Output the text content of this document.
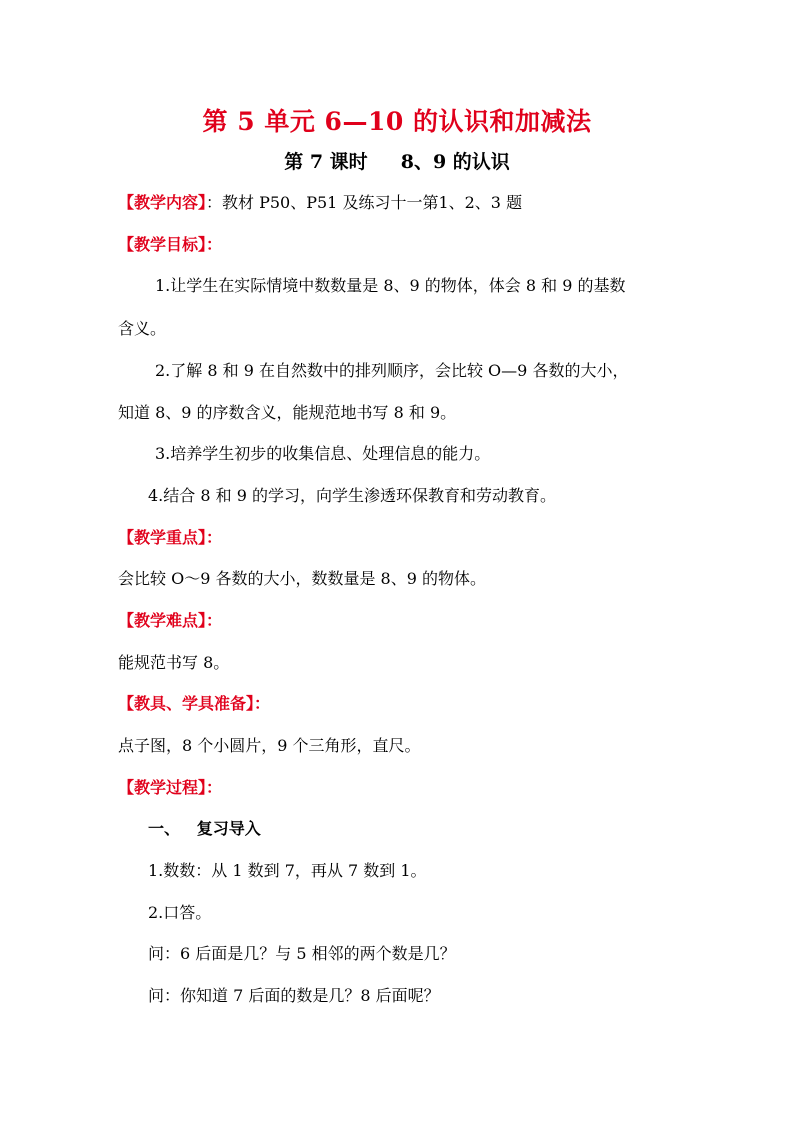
第 5 单元 6—10 的认识和加减法
第 7 课时     8、9 的认识
【教学内容】：教材 P50、P51 及练习十一第1、2、3 题
【教学目标】：
1.让学生在实际情境中数数量是 8、9 的物体，体会 8 和 9 的基数
含义。
2.了解 8 和 9 在自然数中的排列顺序，会比较 O—9 各数的大小，
知道 8、9 的序数含义，能规范地书写 8 和 9。
3.培养学生初步的收集信息、处理信息的能力。
4.结合 8 和 9 的学习，向学生渗透环保教育和劳动教育。
【教学重点】：
会比较 O～9 各数的大小，数数量是 8、9 的物体。
【教学难点】：
能规范书写 8。
【教具、学具准备】：
点子图，8 个小圆片，9 个三角形，直尺。
【教学过程】：
一、   复习导入
1.数数：从 1 数到 7，再从 7 数到 1。
2.口答。
问：6 后面是几？与 5 相邻的两个数是几？
问：你知道 7 后面的数是几？8 后面呢？
